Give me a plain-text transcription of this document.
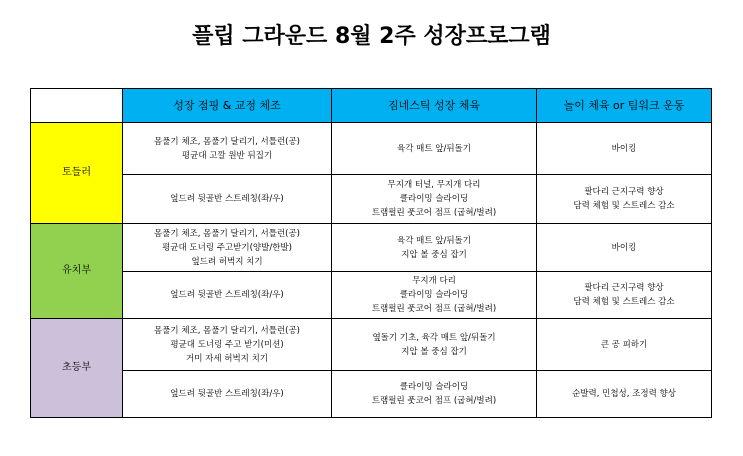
플립 그라운드 8월 2주 성장프로그램
	성장 점핑 & 교정 체조	짐네스틱 성장 체육	놀이 체육 or 팀워크 운동
토들러	몸풀기 체조, 몸풀기 달리기, 서틀런(공)
평균대 고깔 원반 뒤집기	육각 매트 앞/뒤돌기	바이킹

	엎드려 뒷골반 스트레칭(좌/우)	무지개 터널, 무지개 다리
클라이밍 슬라이딩
트램펄린 풋코어 점프 (굽혀/벌려)	팔다리 근지구력 향상
담력 체험 및 스트레스 감소

유치부	몸풀기 체조, 몸풀기 달리기, 서틀런(공)
평균대 도너링 주고받기(양발/한발)
엎드려 허벅지 치기	육각 매트 앞/뒤돌기
지압 볼 중심 잡기	바이킹

	엎드려 뒷골반 스트레칭(좌/우)	무지개 다리
클라이밍 슬라이딩
트램펄린 풋코어 점프 (굽혀/벌려)	팔다리 근지구력 향상
담력 체험 및 스트레스 감소

초등부	몸풀기 체조, 몸풀기 달리기, 서틀런(공)
평균대 도너링 주고 받기(미션)
거미 자세 허벅지 치기	옆돌기 기초, 육각 매트 앞/뒤돌기
지압 볼 중심 잡기	큰 공 피하기

	엎드려 뒷골반 스트레칭(좌/우)	클라이밍 슬라이딩
트램펄린 풋코어 점프 (굽혀/벌려)	순발력, 민첩성, 조정력 향상
